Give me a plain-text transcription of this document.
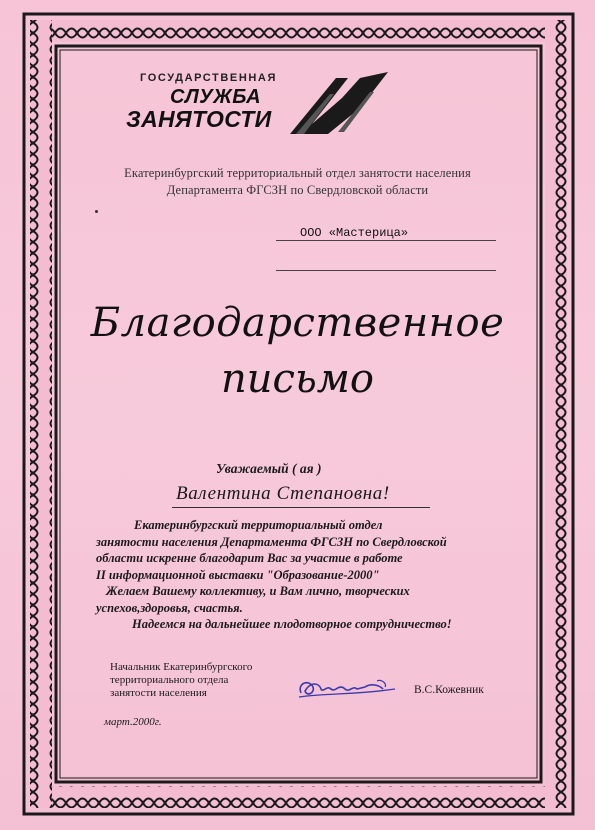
ГОСУДАРСТВЕННАЯ
СЛУЖБА
ЗАНЯТОСТИ
Екатеринбургский территориальный отдел занятости населения
Департамента ФГСЗН по Свердловской области
ООО «Мастерица»
Благодарственное
письмо
Уважаемый ( ая )
Валентина Степановна!
Екатеринбургский территориальный отдел
занятости населения Департамента ФГСЗН по Свердловской
области искренне благодарит Вас за участие в работе
II информационной выставки "Образование-2000"
Желаем Вашему коллективу, и Вам лично, творческих
успехов,здоровья, счастья.
Надеемся на дальнейшее плодотворное сотрудничество!
Начальник Екатеринбургского
территориального отдела
занятости населения	В.С.Кожевник
март.2000г.
